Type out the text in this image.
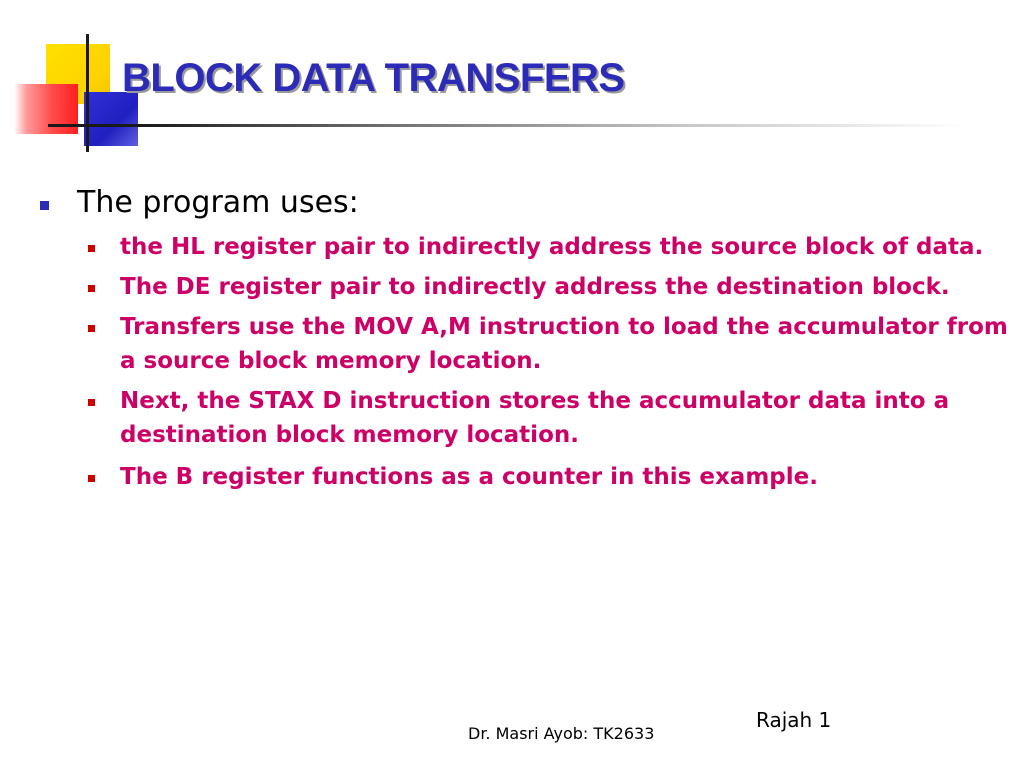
BLOCK DATA TRANSFERS
The program uses:
the HL register pair to indirectly address the source block of data.
The DE register pair to indirectly address the destination block.
Transfers use the MOV A,M instruction to load the accumulator from a source block memory location.
Next, the STAX D instruction stores the accumulator data into a destination block memory location.
The B register functions as a counter in this example.
Dr. Masri Ayob: TK2633
Rajah 1
